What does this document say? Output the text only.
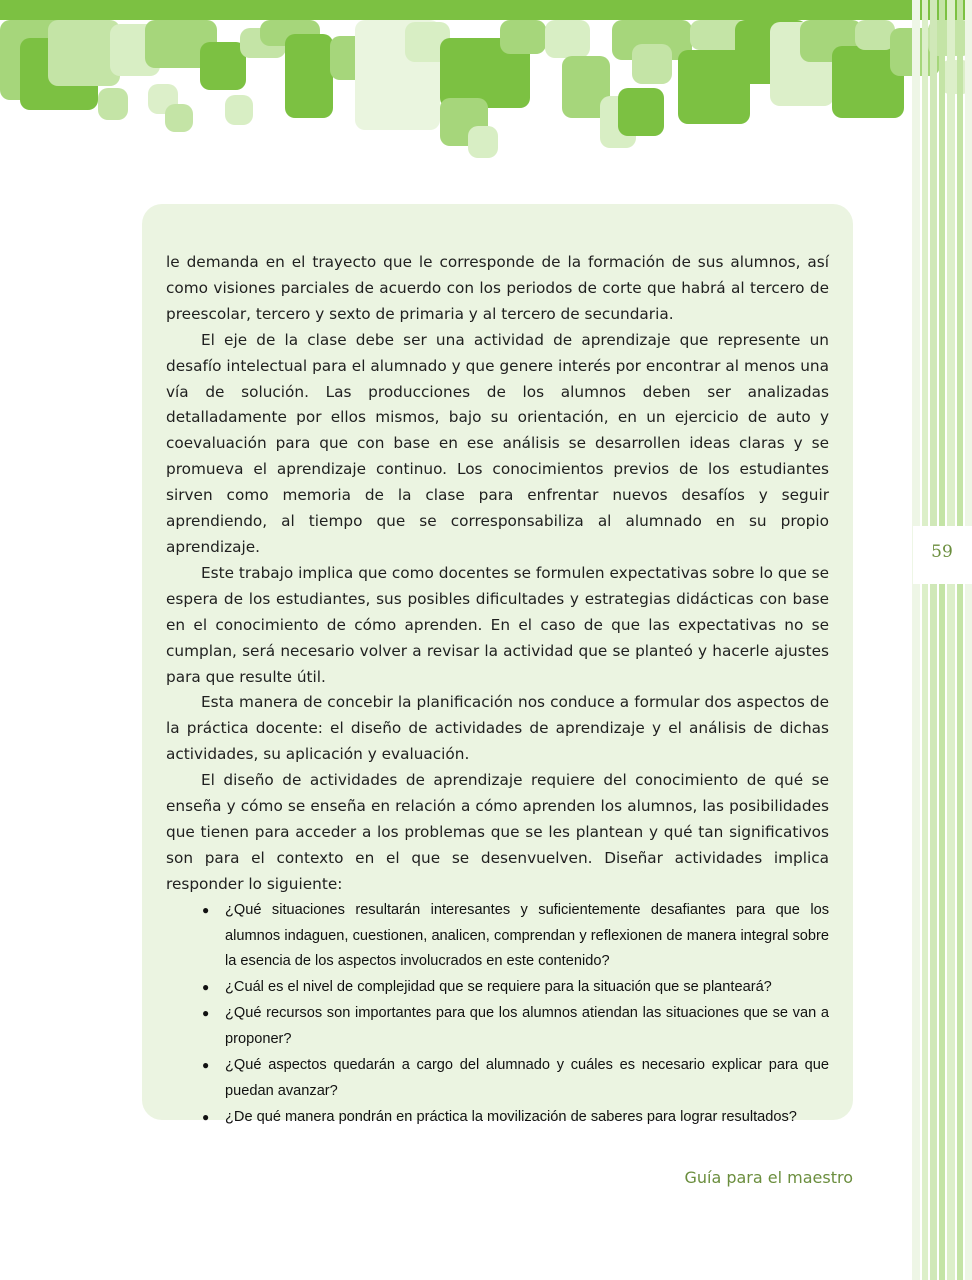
59

le demanda en el trayecto que le corresponde de la formación de sus alumnos, así como visiones parciales de acuerdo con los periodos de corte que habrá al tercero de preescolar, tercero y sexto de primaria y al tercero de secundaria.

El eje de la clase debe ser una actividad de aprendizaje que represente un desafío intelectual para el alumnado y que genere interés por encontrar al menos una vía de solución. Las producciones de los alumnos deben ser analizadas detalladamente por ellos mismos, bajo su orientación, en un ejercicio de auto y coevaluación para que con base en ese análisis se desarrollen ideas claras y se promueva el aprendizaje continuo. Los conocimientos previos de los estudiantes sirven como memoria de la clase para enfrentar nuevos desafíos y seguir aprendiendo, al tiempo que se corresponsabiliza al alumnado en su propio aprendizaje.

Este trabajo implica que como docentes se formulen expectativas sobre lo que se espera de los estudiantes, sus posibles dificultades y estrategias didácticas con base en el conocimiento de cómo aprenden. En el caso de que las expectativas no se cumplan, será necesario volver a revisar la actividad que se planteó y hacerle ajustes para que resulte útil.

Esta manera de concebir la planificación nos conduce a formular dos aspectos de la práctica docente: el diseño de actividades de aprendizaje y el análisis de dichas actividades, su aplicación y evaluación.

El diseño de actividades de aprendizaje requiere del conocimiento de qué se enseña y cómo se enseña en relación a cómo aprenden los alumnos, las posibilidades que tienen para acceder a los problemas que se les plantean y qué tan significativos son para el contexto en el que se desenvuelven. Diseñar actividades implica responder lo siguiente:

● ¿Qué situaciones resultarán interesantes y suficientemente desafiantes para que los alumnos indaguen, cuestionen, analicen, comprendan y reflexionen de manera integral sobre la esencia de los aspectos involucrados en este contenido?
● ¿Cuál es el nivel de complejidad que se requiere para la situación que se planteará?
● ¿Qué recursos son importantes para que los alumnos atiendan las situaciones que se van a proponer?
● ¿Qué aspectos quedarán a cargo del alumnado y cuáles es necesario explicar para que puedan avanzar?
● ¿De qué manera pondrán en práctica la movilización de saberes para lograr resultados?
Guía para el maestro
